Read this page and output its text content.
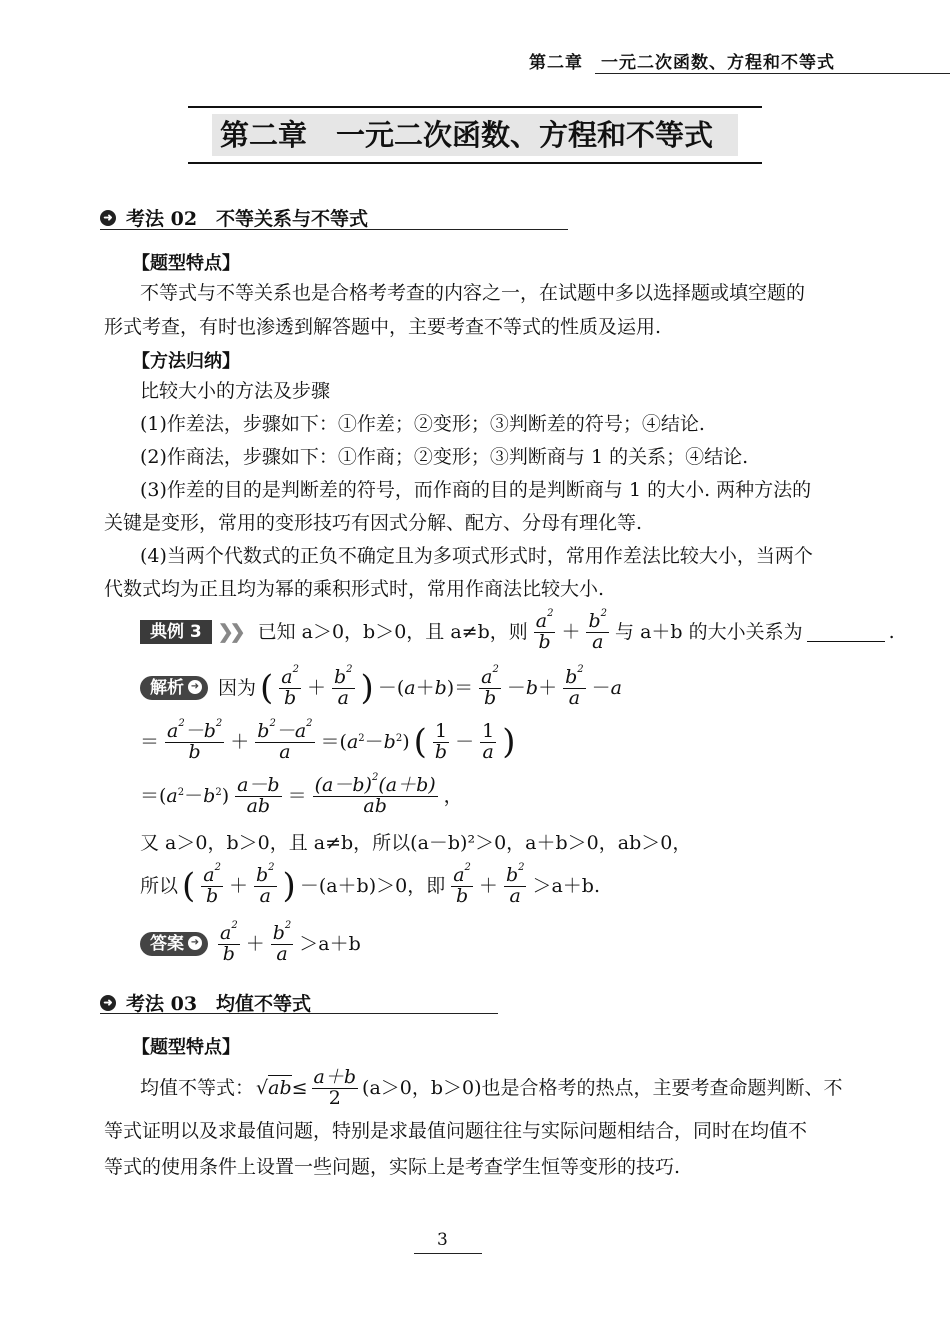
第二章　一元二次函数、方程和不等式
第二章　一元二次函数、方程和不等式
➜ 考法 02　不等关系与不等式
【题型特点】
不等式与不等关系也是合格考考查的内容之一，在试题中多以选择题或填空题的
形式考查，有时也渗透到解答题中，主要考查不等式的性质及运用.
【方法归纳】
比较大小的方法及步骤
(1)作差法，步骤如下：①作差；②变形；③判断差的符号；④结论.
(2)作商法，步骤如下：①作商；②变形；③判断商与 1 的关系；④结论.
(3)作差的目的是判断差的符号，而作商的目的是判断商与 1 的大小. 两种方法的
关键是变形，常用的变形技巧有因式分解、配方、分母有理化等.
(4)当两个代数式的正负不确定且为多项式形式时，常用作差法比较大小，当两个
代数式均为正且均为幂的乘积形式时，常用作商法比较大小.
典例 3 ❯❯ 已知 a＞0，b＞0，且 a≠b，则 $\frac{a^2}{b} + \frac{b^2}{a}$ 与 a＋b 的大小关系为	.
解析 ➜ 因为 ( $\frac{a^2}{b} + \frac{b^2}{a}$ ) $-(a+b)= \frac{a^2}{b} -b+ \frac{b^2}{a} -a$
＝ $\frac{a^2-b^2}{b} + \frac{b^2-a^2}{a} =(a^2-b^2)$ ( $\frac{1}{b} - \frac{1}{a}$ )
$=(a^2-b^2) \frac{a-b}{ab} = \frac{(a-b)^2(a+b)}{ab}$ ，
又 a＞0，b＞0，且 a≠b，所以(a－b)²＞0，a＋b＞0，ab＞0，
所以 ( $\frac{a^2}{b} + \frac{b^2}{a}$ ) －(a＋b)＞0，即 $\frac{a^2}{b} + \frac{b^2}{a} >a+b$.
答案 ➜ $\frac{a^2}{b} + \frac{b^2}{a} >a+b$
➜ 考法 03　均值不等式
【题型特点】
均值不等式： $√ab\le \frac{a+b}{2} (a>0$，b＞0)也是合格考的热点，主要考查命题判断、不
等式证明以及求最值问题，特别是求最值问题往往与实际问题相结合，同时在均值不
等式的使用条件上设置一些问题，实际上是考查学生恒等变形的技巧.
3
